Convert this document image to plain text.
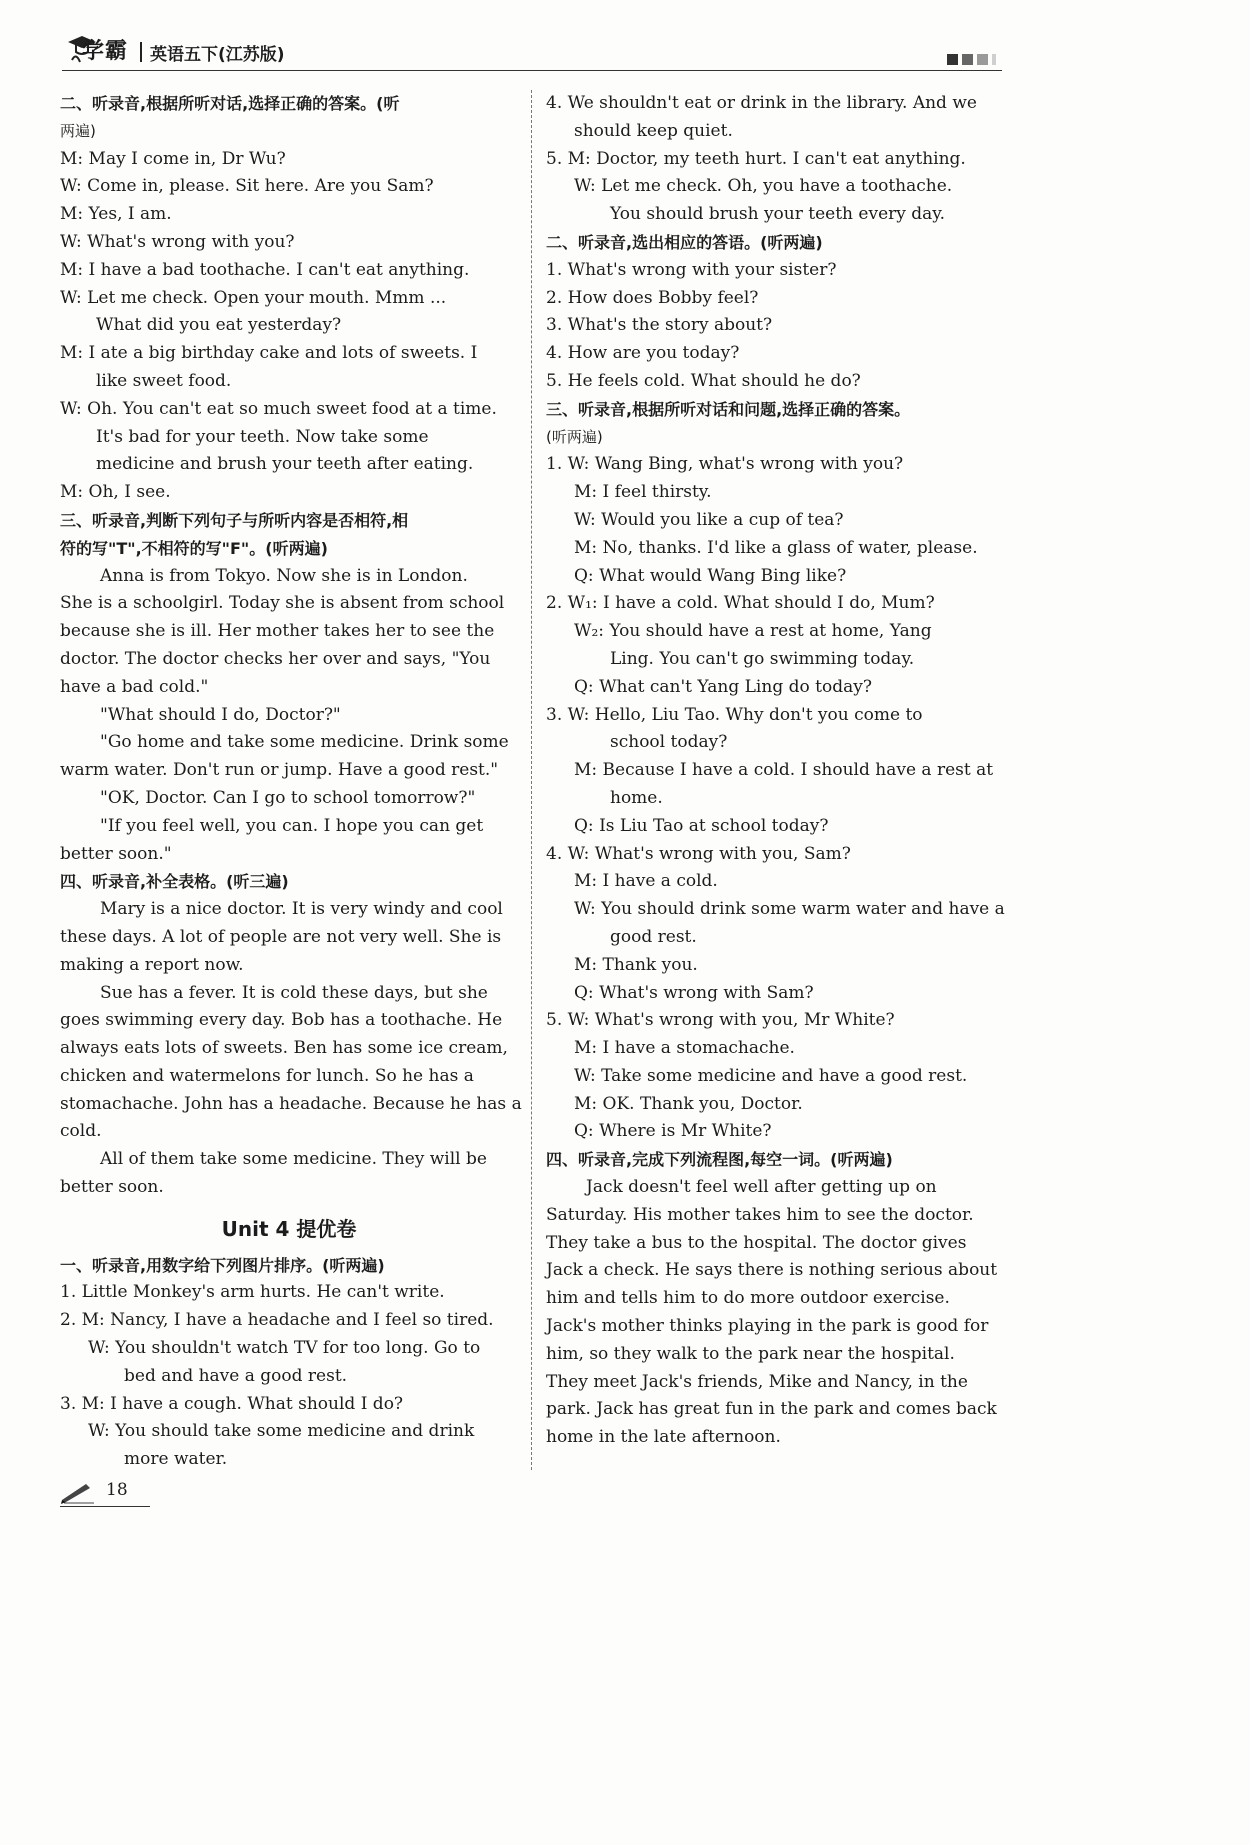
学霸 英语五下(江苏版)
二、听录音,根据所听对话,选择正确的答案。(听
两遍)
M: May I come in, Dr Wu?
W: Come in, please. Sit here. Are you Sam?
M: Yes, I am.
W: What's wrong with you?
M: I have a bad toothache. I can't eat anything.
W: Let me check. Open your mouth. Mmm ...
What did you eat yesterday?
M: I ate a big birthday cake and lots of sweets. I
like sweet food.
W: Oh. You can't eat so much sweet food at a time.
It's bad for your teeth. Now take some
medicine and brush your teeth after eating.
M: Oh, I see.
三、听录音,判断下列句子与所听内容是否相符,相
符的写"T",不相符的写"F"。(听两遍)
Anna is from Tokyo. Now she is in London.
She is a schoolgirl. Today she is absent from school
because she is ill. Her mother takes her to see the
doctor. The doctor checks her over and says, "You
have a bad cold."
"What should I do, Doctor?"
"Go home and take some medicine. Drink some
warm water. Don't run or jump. Have a good rest."
"OK, Doctor. Can I go to school tomorrow?"
"If you feel well, you can. I hope you can get
better soon."
四、听录音,补全表格。(听三遍)
Mary is a nice doctor. It is very windy and cool
these days. A lot of people are not very well. She is
making a report now.
Sue has a fever. It is cold these days, but she
goes swimming every day. Bob has a toothache. He
always eats lots of sweets. Ben has some ice cream,
chicken and watermelons for lunch. So he has a
stomachache. John has a headache. Because he has a
cold.
All of them take some medicine. They will be
better soon.
Unit 4 提优卷
一、听录音,用数字给下列图片排序。(听两遍)
1. Little Monkey's arm hurts. He can't write.
2. M: Nancy, I have a headache and I feel so tired.
W: You shouldn't watch TV for too long. Go to
bed and have a good rest.
3. M: I have a cough. What should I do?
W: You should take some medicine and drink
more water.
4. We shouldn't eat or drink in the library. And we
should keep quiet.
5. M: Doctor, my teeth hurt. I can't eat anything.
W: Let me check. Oh, you have a toothache.
You should brush your teeth every day.
二、听录音,选出相应的答语。(听两遍)
1. What's wrong with your sister?
2. How does Bobby feel?
3. What's the story about?
4. How are you today?
5. He feels cold. What should he do?
三、听录音,根据所听对话和问题,选择正确的答案。
(听两遍)
1. W: Wang Bing, what's wrong with you?
M: I feel thirsty.
W: Would you like a cup of tea?
M: No, thanks. I'd like a glass of water, please.
Q: What would Wang Bing like?
2. W₁: I have a cold. What should I do, Mum?
W₂: You should have a rest at home, Yang
Ling. You can't go swimming today.
Q: What can't Yang Ling do today?
3. W: Hello, Liu Tao. Why don't you come to
school today?
M: Because I have a cold. I should have a rest at
home.
Q: Is Liu Tao at school today?
4. W: What's wrong with you, Sam?
M: I have a cold.
W: You should drink some warm water and have a
good rest.
M: Thank you.
Q: What's wrong with Sam?
5. W: What's wrong with you, Mr White?
M: I have a stomachache.
W: Take some medicine and have a good rest.
M: OK. Thank you, Doctor.
Q: Where is Mr White?
四、听录音,完成下列流程图,每空一词。(听两遍)
Jack doesn't feel well after getting up on
Saturday. His mother takes him to see the doctor.
They take a bus to the hospital. The doctor gives
Jack a check. He says there is nothing serious about
him and tells him to do more outdoor exercise.
Jack's mother thinks playing in the park is good for
him, so they walk to the park near the hospital.
They meet Jack's friends, Mike and Nancy, in the
park. Jack has great fun in the park and comes back
home in the late afternoon.
18
